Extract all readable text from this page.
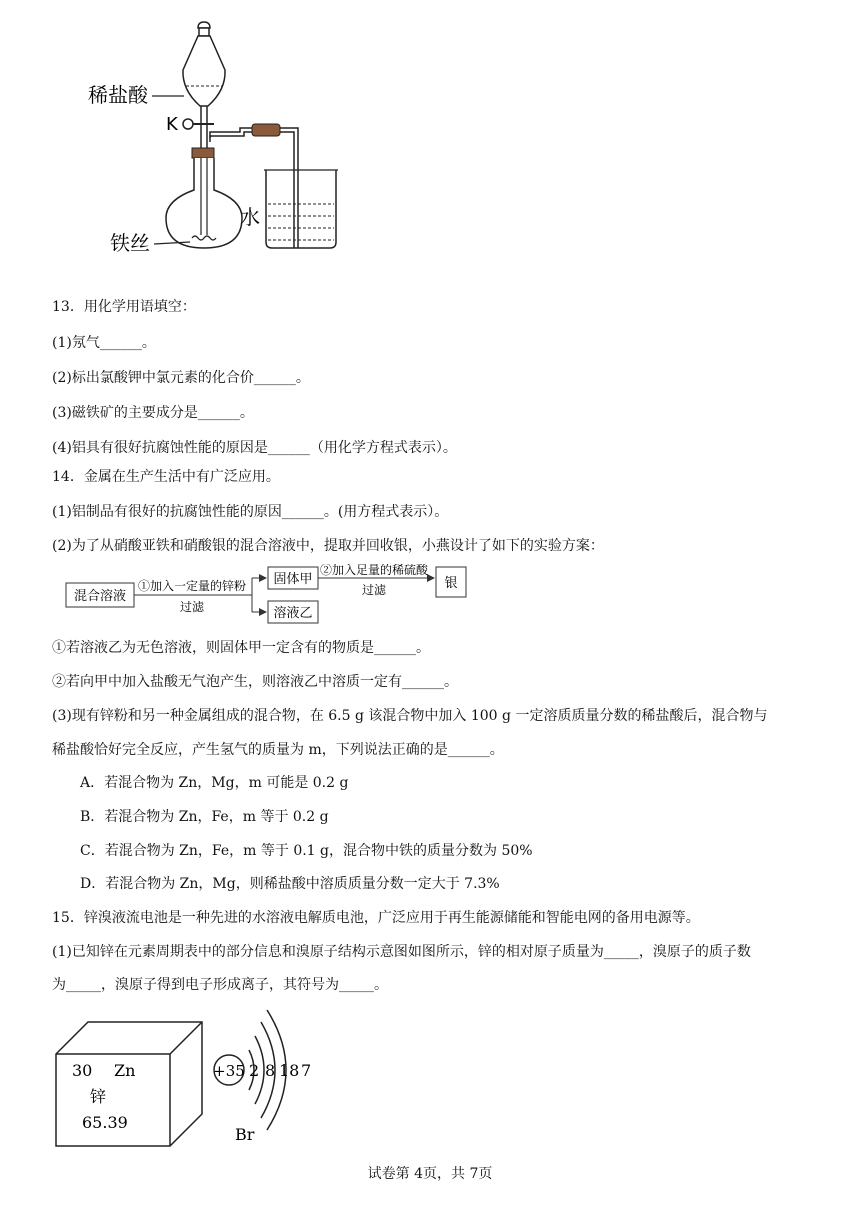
稀盐酸
K
铁丝
水
13．用化学用语填空：
(1)氖气______。
(2)标出氯酸钾中氯元素的化合价______。
(3)磁铁矿的主要成分是______。
(4)铝具有很好抗腐蚀性能的原因是______（用化学方程式表示）。
14．金属在生产生活中有广泛应用。
(1)铝制品有很好的抗腐蚀性能的原因______。(用方程式表示）。
(2)为了从硝酸亚铁和硝酸银的混合溶液中，提取并回收银，小燕设计了如下的实验方案：
混合溶液
①加入一定量的锌粉
过滤
固体甲
溶液乙
②加入足量的稀硫酸
过滤	银
①若溶液乙为无色溶液，则固体甲一定含有的物质是______。
②若向甲中加入盐酸无气泡产生，则溶液乙中溶质一定有______。
(3)现有锌粉和另一种金属组成的混合物，在 6.5 g 该混合物中加入 100 g 一定溶质质量分数的稀盐酸后，混合物与
稀盐酸恰好完全反应，产生氢气的质量为 m，下列说法正确的是______。
A．若混合物为 Zn，Mg，m 可能是 0.2 g
B．若混合物为 Zn，Fe，m 等于 0.2 g
C．若混合物为 Zn，Fe，m 等于 0.1 g，混合物中铁的质量分数为 50%
D．若混合物为 Zn，Mg，则稀盐酸中溶质质量分数一定大于 7.3%
15．锌溴液流电池是一种先进的水溶液电解质电池，广泛应用于再生能源储能和智能电网的备用电源等。
(1)已知锌在元素周期表中的部分信息和溴原子结构示意图如图所示，锌的相对原子质量为_____，溴原子的质子数
为_____，溴原子得到电子形成离子，其符号为_____。
30 Zn
锌
65.39
+35 2 8 18 7
Br
试卷第 4页，共 7页
